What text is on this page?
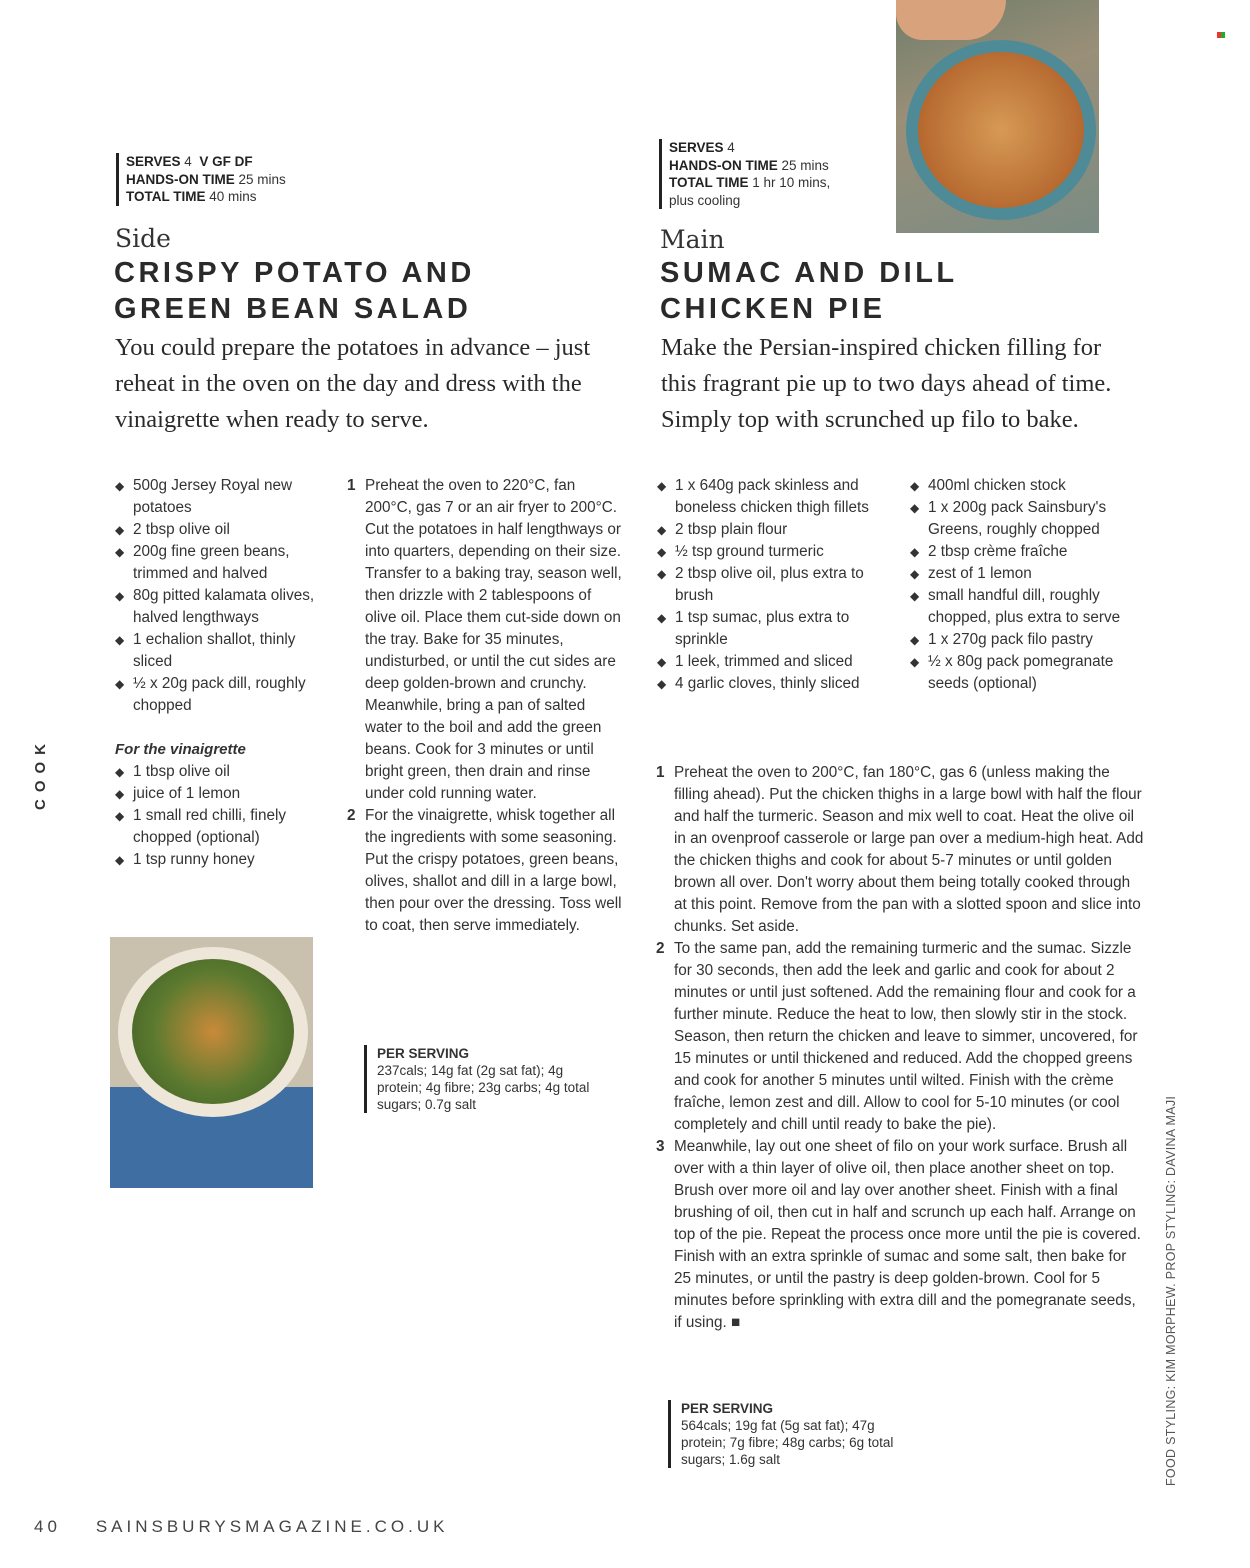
SERVES 4 V GF DF
HANDS-ON TIME 25 mins
TOTAL TIME 40 mins
Side
CRISPY POTATO AND
GREEN BEAN SALAD
You could prepare the potatoes in advance – just reheat in the oven on the day and dress with the vinaigrette when ready to serve.
SERVES 4
HANDS-ON TIME 25 mins
TOTAL TIME 1 hr 10 mins,
plus cooling
Main
SUMAC AND DILL
CHICKEN PIE
Make the Persian-inspired chicken filling for this fragrant pie up to two days ahead of time. Simply top with scrunched up filo to bake.
◆ 500g Jersey Royal new potatoes
◆ 2 tbsp olive oil
◆ 200g fine green beans, trimmed and halved
◆ 80g pitted kalamata olives, halved lengthways
◆ 1 echalion shallot, thinly sliced
◆ ½ x 20g pack dill, roughly chopped
For the vinaigrette
◆ 1 tbsp olive oil
◆ juice of 1 lemon
◆ 1 small red chilli, finely chopped (optional)
◆ 1 tsp runny honey
1 Preheat the oven to 220°C, fan 200°C, gas 7 or an air fryer to 200°C. Cut the potatoes in half lengthways or into quarters, depending on their size. Transfer to a baking tray, season well, then drizzle with 2 tablespoons of olive oil. Place them cut-side down on the tray. Bake for 35 minutes, undisturbed, or until the cut sides are deep golden-brown and crunchy. Meanwhile, bring a pan of salted water to the boil and add the green beans. Cook for 3 minutes or until bright green, then drain and rinse under cold running water.
2 For the vinaigrette, whisk together all the ingredients with some seasoning. Put the crispy potatoes, green beans, olives, shallot and dill in a large bowl, then pour over the dressing. Toss well to coat, then serve immediately.
PER SERVING
237cals; 14g fat (2g sat fat); 4g protein; 4g fibre; 23g carbs; 4g total sugars; 0.7g salt
◆ 1 x 640g pack skinless and boneless chicken thigh fillets
◆ 2 tbsp plain flour
◆ ½ tsp ground turmeric
◆ 2 tbsp olive oil, plus extra to brush
◆ 1 tsp sumac, plus extra to sprinkle
◆ 1 leek, trimmed and sliced
◆ 4 garlic cloves, thinly sliced
◆ 400ml chicken stock
◆ 1 x 200g pack Sainsbury's Greens, roughly chopped
◆ 2 tbsp crème fraîche
◆ zest of 1 lemon
◆ small handful dill, roughly chopped, plus extra to serve
◆ 1 x 270g pack filo pastry
◆ ½ x 80g pack pomegranate seeds (optional)
1 Preheat the oven to 200°C, fan 180°C, gas 6 (unless making the filling ahead). Put the chicken thighs in a large bowl with half the flour and half the turmeric. Season and mix well to coat. Heat the olive oil in an ovenproof casserole or large pan over a medium-high heat. Add the chicken thighs and cook for about 5-7 minutes or until golden brown all over. Don't worry about them being totally cooked through at this point. Remove from the pan with a slotted spoon and slice into chunks. Set aside.
2 To the same pan, add the remaining turmeric and the sumac. Sizzle for 30 seconds, then add the leek and garlic and cook for about 2 minutes or until just softened. Add the remaining flour and cook for a further minute. Reduce the heat to low, then slowly stir in the stock. Season, then return the chicken and leave to simmer, uncovered, for 15 minutes or until thickened and reduced. Add the chopped greens and cook for another 5 minutes until wilted. Finish with the crème fraîche, lemon zest and dill. Allow to cool for 5-10 minutes (or cool completely and chill until ready to bake the pie).
3 Meanwhile, lay out one sheet of filo on your work surface. Brush all over with a thin layer of olive oil, then place another sheet on top. Brush over more oil and lay over another sheet. Finish with a final brushing of oil, then cut in half and scrunch up each half. Arrange on top of the pie. Repeat the process once more until the pie is covered. Finish with an extra sprinkle of sumac and some salt, then bake for 25 minutes, or until the pastry is deep golden-brown. Cool for 5 minutes before sprinkling with extra dill and the pomegranate seeds, if using. ■
PER SERVING
564cals; 19g fat (5g sat fat); 47g protein; 7g fibre; 48g carbs; 6g total sugars; 1.6g salt
COOK
FOOD STYLING: KIM MORPHEW. PROP STYLING: DAVINA MAJI
40 SAINSBURYSMAGAZINE.CO.UK
